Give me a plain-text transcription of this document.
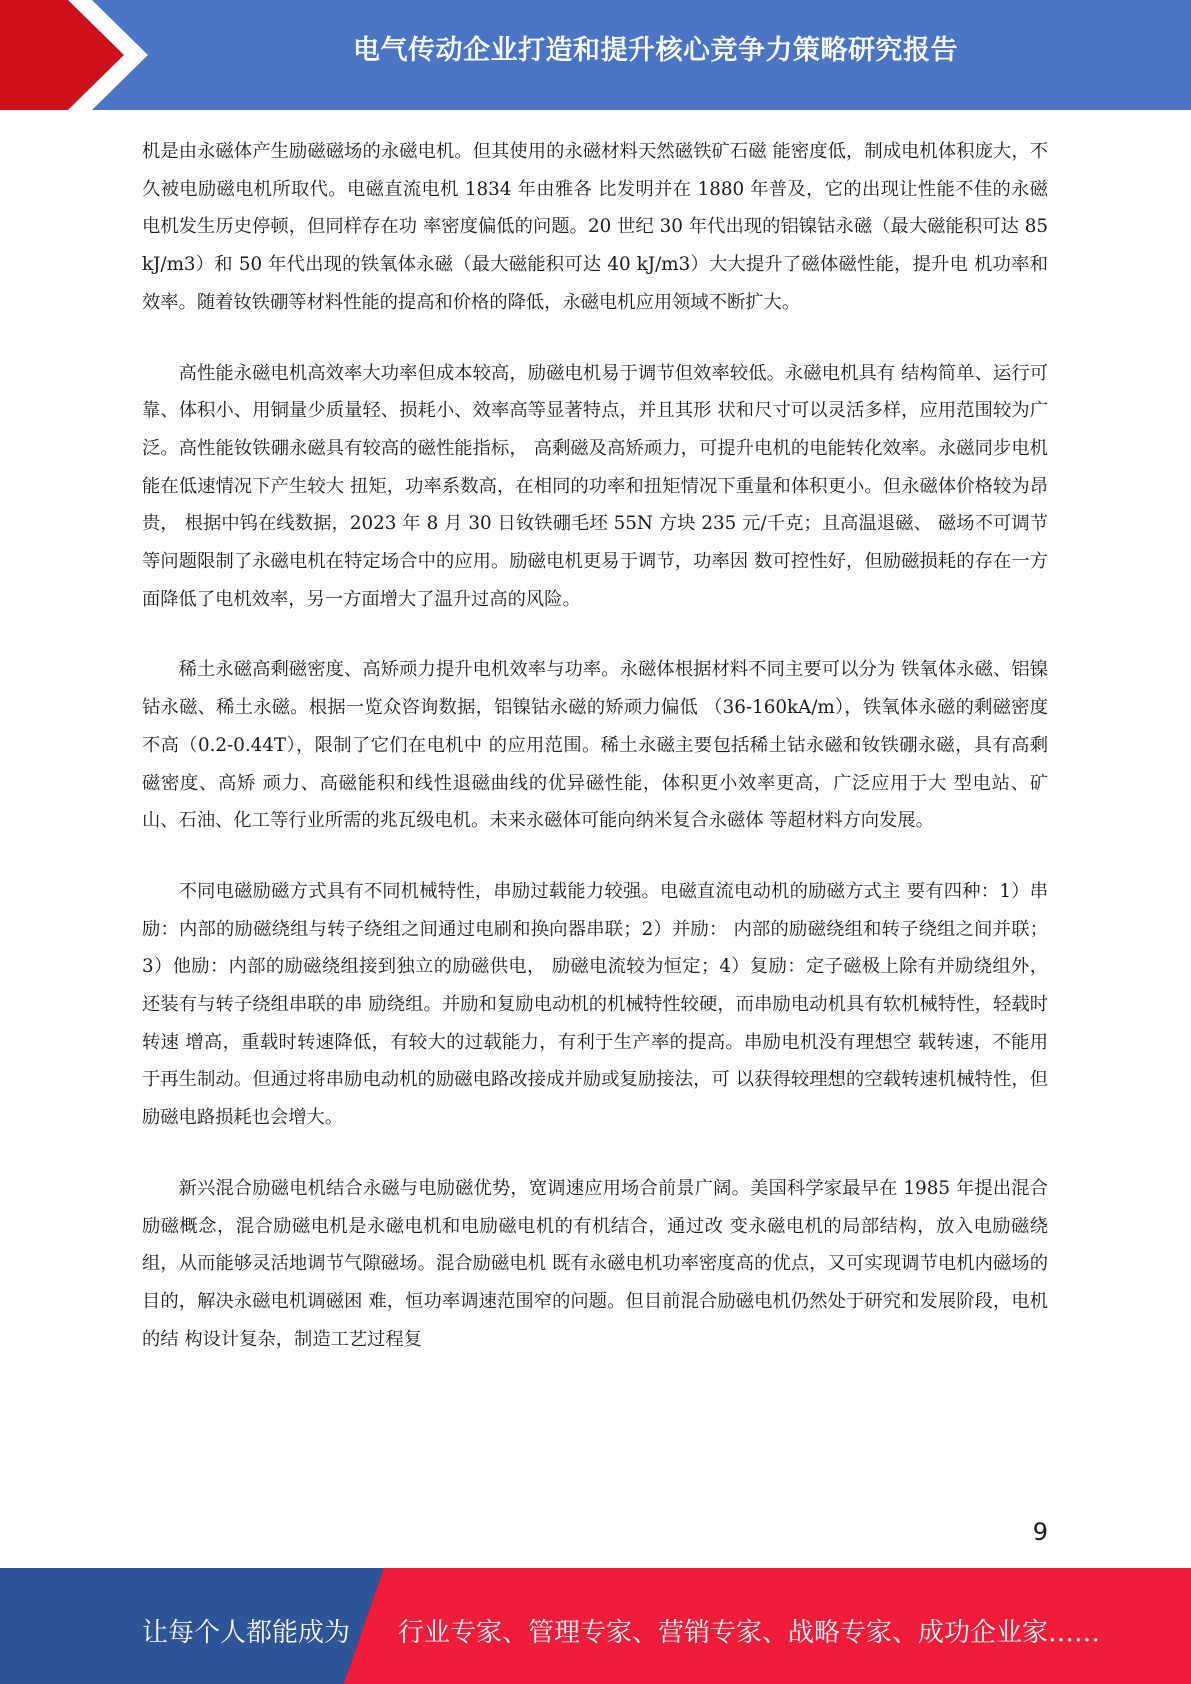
电气传动企业打造和提升核心竞争力策略研究报告

机是由永磁体产生励磁磁场的永磁电机。但其使用的永磁材料天然磁铁矿石磁 能密度低，制成电机体积庞大，不久被电励磁电机所取代。电磁直流电机 1834 年由雅各 比发明并在 1880 年普及，它的出现让性能不佳的永磁电机发生历史停顿，但同样存在功 率密度偏低的问题。20 世纪 30 年代出现的铝镍钴永磁（最大磁能积可达 85 kJ/m3）和 50 年代出现的铁氧体永磁（最大磁能积可达 40 kJ/m3）大大提升了磁体磁性能，提升电 机功率和效率。随着钕铁硼等材料性能的提高和价格的降低，永磁电机应用领域不断扩大。

高性能永磁电机高效率大功率但成本较高，励磁电机易于调节但效率较低。永磁电机具有 结构简单、运行可靠、体积小、用铜量少质量轻、损耗小、效率高等显著特点，并且其形 状和尺寸可以灵活多样，应用范围较为广泛。高性能钕铁硼永磁具有较高的磁性能指标， 高剩磁及高矫顽力，可提升电机的电能转化效率。永磁同步电机能在低速情况下产生较大 扭矩，功率系数高，在相同的功率和扭矩情况下重量和体积更小。但永磁体价格较为昂贵， 根据中钨在线数据，2023 年 8 月 30 日钕铁硼毛坯 55N 方块 235 元/千克；且高温退磁、 磁场不可调节等问题限制了永磁电机在特定场合中的应用。励磁电机更易于调节，功率因 数可控性好，但励磁损耗的存在一方面降低了电机效率，另一方面增大了温升过高的风险。

稀土永磁高剩磁密度、高矫顽力提升电机效率与功率。永磁体根据材料不同主要可以分为 铁氧体永磁、铝镍钴永磁、稀土永磁。根据一览众咨询数据，铝镍钴永磁的矫顽力偏低 （36-160kA/m），铁氧体永磁的剩磁密度不高（0.2-0.44T），限制了它们在电机中 的应用范围。稀土永磁主要包括稀土钴永磁和钕铁硼永磁，具有高剩磁密度、高矫 顽力、高磁能积和线性退磁曲线的优异磁性能，体积更小效率更高，广泛应用于大 型电站、矿山、石油、化工等行业所需的兆瓦级电机。未来永磁体可能向纳米复合永磁体 等超材料方向发展。

不同电磁励磁方式具有不同机械特性，串励过载能力较强。电磁直流电动机的励磁方式主 要有四种：1）串励：内部的励磁绕组与转子绕组之间通过电刷和换向器串联；2）并励： 内部的励磁绕组和转子绕组之间并联；3）他励：内部的励磁绕组接到独立的励磁供电， 励磁电流较为恒定；4）复励：定子磁极上除有并励绕组外，还装有与转子绕组串联的串 励绕组。并励和复励电动机的机械特性较硬，而串励电动机具有软机械特性，轻载时转速 增高，重载时转速降低，有较大的过载能力，有利于生产率的提高。串励电机没有理想空 载转速，不能用于再生制动。但通过将串励电动机的励磁电路改接成并励或复励接法，可 以获得较理想的空载转速机械特性，但励磁电路损耗也会增大。

新兴混合励磁电机结合永磁与电励磁优势，宽调速应用场合前景广阔。美国科学家最早在 1985 年提出混合励磁概念，混合励磁电机是永磁电机和电励磁电机的有机结合，通过改 变永磁电机的局部结构，放入电励磁绕组，从而能够灵活地调节气隙磁场。混合励磁电机 既有永磁电机功率密度高的优点，又可实现调节电机内磁场的目的，解决永磁电机调磁困 难，恒功率调速范围窄的问题。但目前混合励磁电机仍然处于研究和发展阶段，电机的结 构设计复杂，制造工艺过程复

9
让每个人都能成为 行业专家、管理专家、营销专家、战略专家、成功企业家……
